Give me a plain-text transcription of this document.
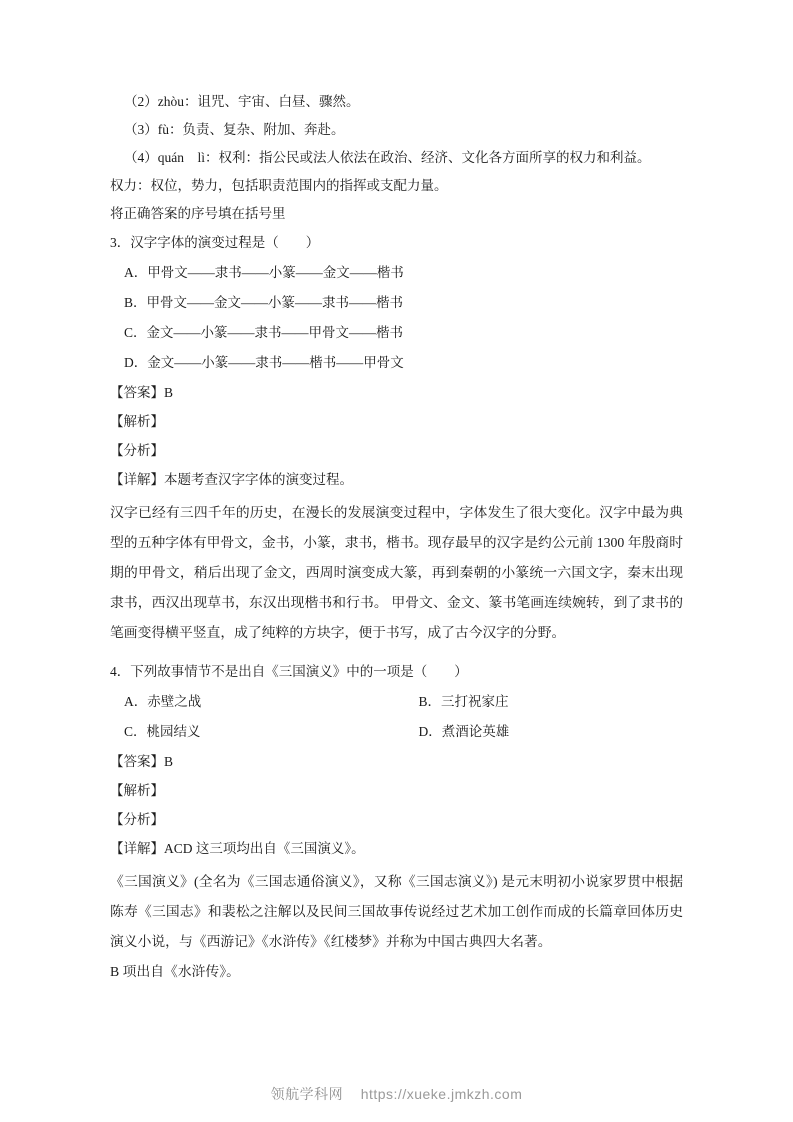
（2）zhòu：诅咒、宇宙、白昼、骤然。
（3）fù：负责、复杂、附加、奔赴。
（4）quán　lì：权利：指公民或法人依法在政治、经济、文化各方面所享的权力和利益。
权力：权位，势力，包括职责范围内的指挥或支配力量。
将正确答案的序号填在括号里
3．汉字字体的演变过程是（　　）
A．甲骨文——隶书——小篆——金文——楷书
B．甲骨文——金文——小篆——隶书——楷书
C．金文——小篆——隶书——甲骨文——楷书
D．金文——小篆——隶书——楷书——甲骨文
【答案】B
【解析】
【分析】
【详解】本题考查汉字字体的演变过程。
汉字已经有三四千年的历史，在漫长的发展演变过程中，字体发生了很大变化。汉字中最为典型的五种字体有甲骨文，金书，小篆，隶书，楷书。现存最早的汉字是约公元前 1300 年殷商时期的甲骨文，稍后出现了金文，西周时演变成大篆，再到秦朝的小篆统一六国文字，秦末出现隶书，西汉出现草书，东汉出现楷书和行书。 甲骨文、金文、篆书笔画连续婉转，到了隶书的笔画变得横平竖直，成了纯粹的方块字，便于书写，成了古今汉字的分野。
4．下列故事情节不是出自《三国演义》中的一项是（　　）
A．赤壁之战	B．三打祝家庄
C．桃园结义	D．煮酒论英雄
【答案】B
【解析】
【分析】
【详解】ACD 这三项均出自《三国演义》。
《三国演义》(全名为《三国志通俗演义》，又称《三国志演义》) 是元末明初小说家罗贯中根据陈寿《三国志》和裴松之注解以及民间三国故事传说经过艺术加工创作而成的长篇章回体历史演义小说，与《西游记》《水浒传》《红楼梦》并称为中国古典四大名著。
B 项出自《水浒传》。
领航学科网 https://xueke.jmkzh.com
